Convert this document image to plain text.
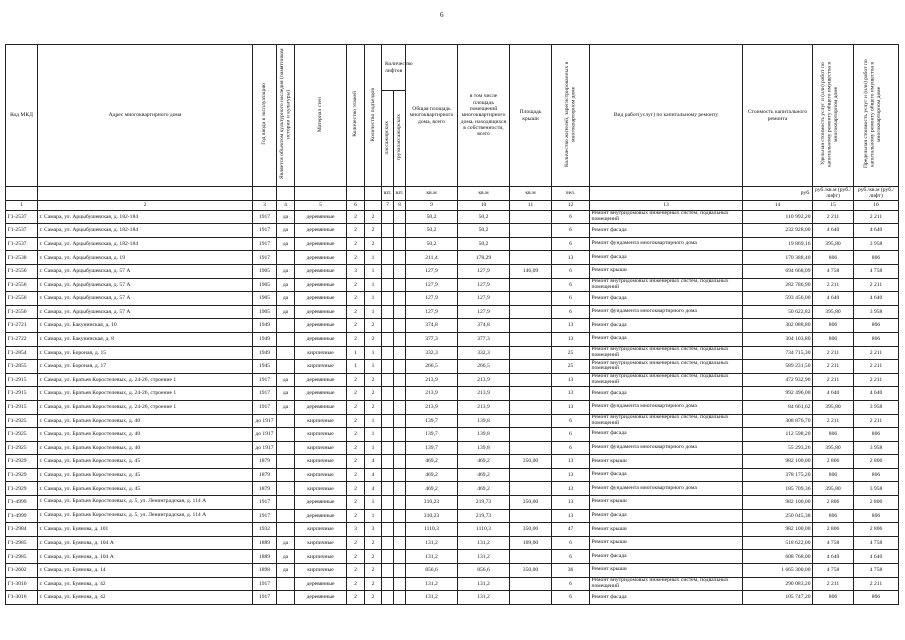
6
Код МКД	Адрес многоквартирного дома	Год ввода в эксплуатацию	Является объектом культурного наследия (памятником истории и культуры)	Материал стен	Количество этажей	Количество подъездов	Количество лифтов		Общая площадь многоквартирного дома, всего	в том числе площадь помещений многоквартирного дома, находящихся в собственности, всего	Площадь крыши	Количество жителей, зарегистрированных в многоквартирном доме	Вид работ(услуг) по капитальному ремонту	Стоимость капитального ремонта	Удельная стоимость услуг и (или) работ по капитальному ремонту общего имущества в многоквартирном доме	Предельная стоимость услуг и (или) работ по капитальному ремонту общего имущества в многоквартирном доме
							пассажирских	грузопассажирских								

							шт.	шт.	кв.м	кв.м	кв.м	чел.		руб.	руб./кв.м (руб./лифт)	руб./кв.м (руб./лифт)
1	2	3	4	5	6		7	8	9	10	11	12	13	14	15	16
Г1-2537	г. Самара, ул. Арцыбушевская, д. 182-184	1917	да	деревянные	2	2			50,2	50,2		6	Ремонт внутридомовых инженерных систем, подвальных помещений	110 992,20	2 211	2 211
Г1-2537	г. Самара, ул. Арцыбушевская, д. 182-184	1917	да	деревянные	2	2			50,2	50,2		6	Ремонт фасада	232 928,00	4 640	4 640
Г1-2537	г. Самара, ул. Арцыбушевская, д. 182-184	1917	да	деревянные	2	2			50,2	50,2		6	Ремонт фундамента многоквартирного дома	19 869,16	395,80	3 958
Г1-2538	г. Самара, ул. Арцыбушевская, д. 19	1917		деревянные	2	1			211,4	178,29		13	Ремонт фасада	170 388,40	806	806
Г1-2556	г. Самара, ул. Арцыбушевская, д. 57 А	1905	да	деревянные	3	1			127,9	127,9	146,09	6	Ремонт крыши	694 668,09	4 758	4 758
Г1-2556	г. Самара, ул. Арцыбушевская, д. 57 А	1905	да	деревянные	2	1			127,9	127,9		6	Ремонт внутридомовых инженерных систем, подвальных помещений	282 786,90	2 211	2 211
Г1-2556	г. Самара, ул. Арцыбушевская, д. 57 А	1905	да	деревянные	2	1			127,9	127,9		6	Ремонт фасада	593 456,00	4 640	4 640
Г1-2556	г. Самара, ул. Арцыбушевская, д. 57 А	1905	да	деревянные	2	1			127,9	127,9		6	Ремонт фундамента многоквартирного дома	50 622,82	395,80	3 958
Г1-2721	г. Самара, ул. Бакунинская, д. 10	1949		деревянные	2	2			374,8	374,8		13	Ремонт фасада	302 088,80	806	806
Г1-2722	г. Самара, ул. Бакунинская, д. 8	1949		деревянные	2	2			377,3	377,3		13	Ремонт фасада	304 103,80	806	806
Г1-2854	г. Самара, ул. Бороная, д. 15	1949		кирпичные	1	1			332,3	332,3		25	Ремонт внутридомовых инженерных систем, подвальных помещений	734 715,30	2 211	2 211
Г1-2855	г. Самара, ул. Бороная, д. 17	1945		кирпичные	1	1			266,5	266,5		25	Ремонт внутридомовых инженерных систем, подвальных помещений	589 231,50	2 211	2 211
Г1-2915	г. Самара, ул. Братьев Коростелевых, д. 24-26, строение 1	1917	да	деревянные	2	2			213,9	213,9		13	Ремонт внутридомовых инженерных систем, подвальных помещений	472 932,90	2 211	2 211
Г1-2915	г. Самара, ул. Братьев Коростелевых, д. 24-26, строение 1	1917	да	деревянные	2	2			213,9	213,9		13	Ремонт фасада	992 496,00	4 640	4 640
Г1-2915	г. Самара, ул. Братьев Коростелевых, д. 24-26, строение 1	1917	да	деревянные	2	2			213,9	213,9		13	Ремонт фундамента многоквартирного дома	84 661,62	395,80	3 958
Г1-2925	г. Самара, ул. Братьев Коростелевых, д. 40	до 1917		кирпичные	2	1			139,7	139,8		6	Ремонт внутридомовых инженерных систем, подвальных помещений	308 876,70	2 211	2 211
Г1-2925	г. Самара, ул. Братьев Коростелевых, д. 40	до 1917		кирпичные	2	1			139,7	139,8		6	Ремонт фасада	112 598,20	806	806
Г1-2925	г. Самара, ул. Братьев Коростелевых, д. 40	до 1917		кирпичные	2	1			139,7	139,8		6	Ремонт фундамента многоквартирного дома	55 293,26	395,80	3 958
Г1-2929	г. Самара, ул. Братьев Коростелевых, д. 45	1879		кирпичные	2	4			469,2	469,2	350,00	13	Ремонт крыши	982 100,00	2 806	2 806
Г1-2929	г. Самара, ул. Братьев Коростелевых, д. 45	1879		кирпичные	2	4			469,2	469,2		13	Ремонт фасада	378 175,20	806	806
Г1-2929	г. Самара, ул. Братьев Коростелевых, д. 45	1879		кирпичные	2	4			469,2	469,2		13	Ремонт фундамента многоквартирного дома	185 709,36	395,80	3 958
Г1-4999	г. Самара, ул. Братьев Коростелевых, д. 5, ул. Ленинградская, д. 114 А	1917		деревянные	2	1			310,23	219,73	350,00	13	Ремонт крыши	982 100,00	2 806	2 806
Г1-4999	г. Самара, ул. Братьев Коростелевых, д. 5, ул. Ленинградская, д. 114 А	1917		деревянные	2	1			310,23	219,73		13	Ремонт фасада	250 045,38	806	806
Г1-2984	г. Самара, ул. Буянова, д. 101	1932		кирпичные	3	3			1110,3	1110,3	350,00	47	Ремонт крыши	982 100,00	2 806	2 806
Г1-2985	г. Самара, ул. Буянова, д. 104 А	1889	да	кирпичные	2	2			131,2	131,2	109,00	6	Ремонт крыши	518 622,00	4 758	4 758
Г1-2985	г. Самара, ул. Буянова, д. 104 А	1889	да	кирпичные	2	2			131,2	131,2		6	Ремонт фасада	608 768,00	4 640	4 640
Г1-2602	г. Самара, ул. Буянова, д. 14	1898	да	кирпичные	2	2			856,6	856,6	350,00	36	Ремонт крыши	1 665 300,00	4 758	4 758
Г1-3016	г. Самара, ул. Буянова, д. 42	1917		деревянные	2	2			131,2	131,2		6	Ремонт внутридомовых инженерных систем, подвальных помещений	290 083,20	2 211	2 211
Г1-3016	г. Самара, ул. Буянова, д. 42	1917		деревянные	2	2			131,2	131,2		6	Ремонт фасада	105 747,20	806	806
